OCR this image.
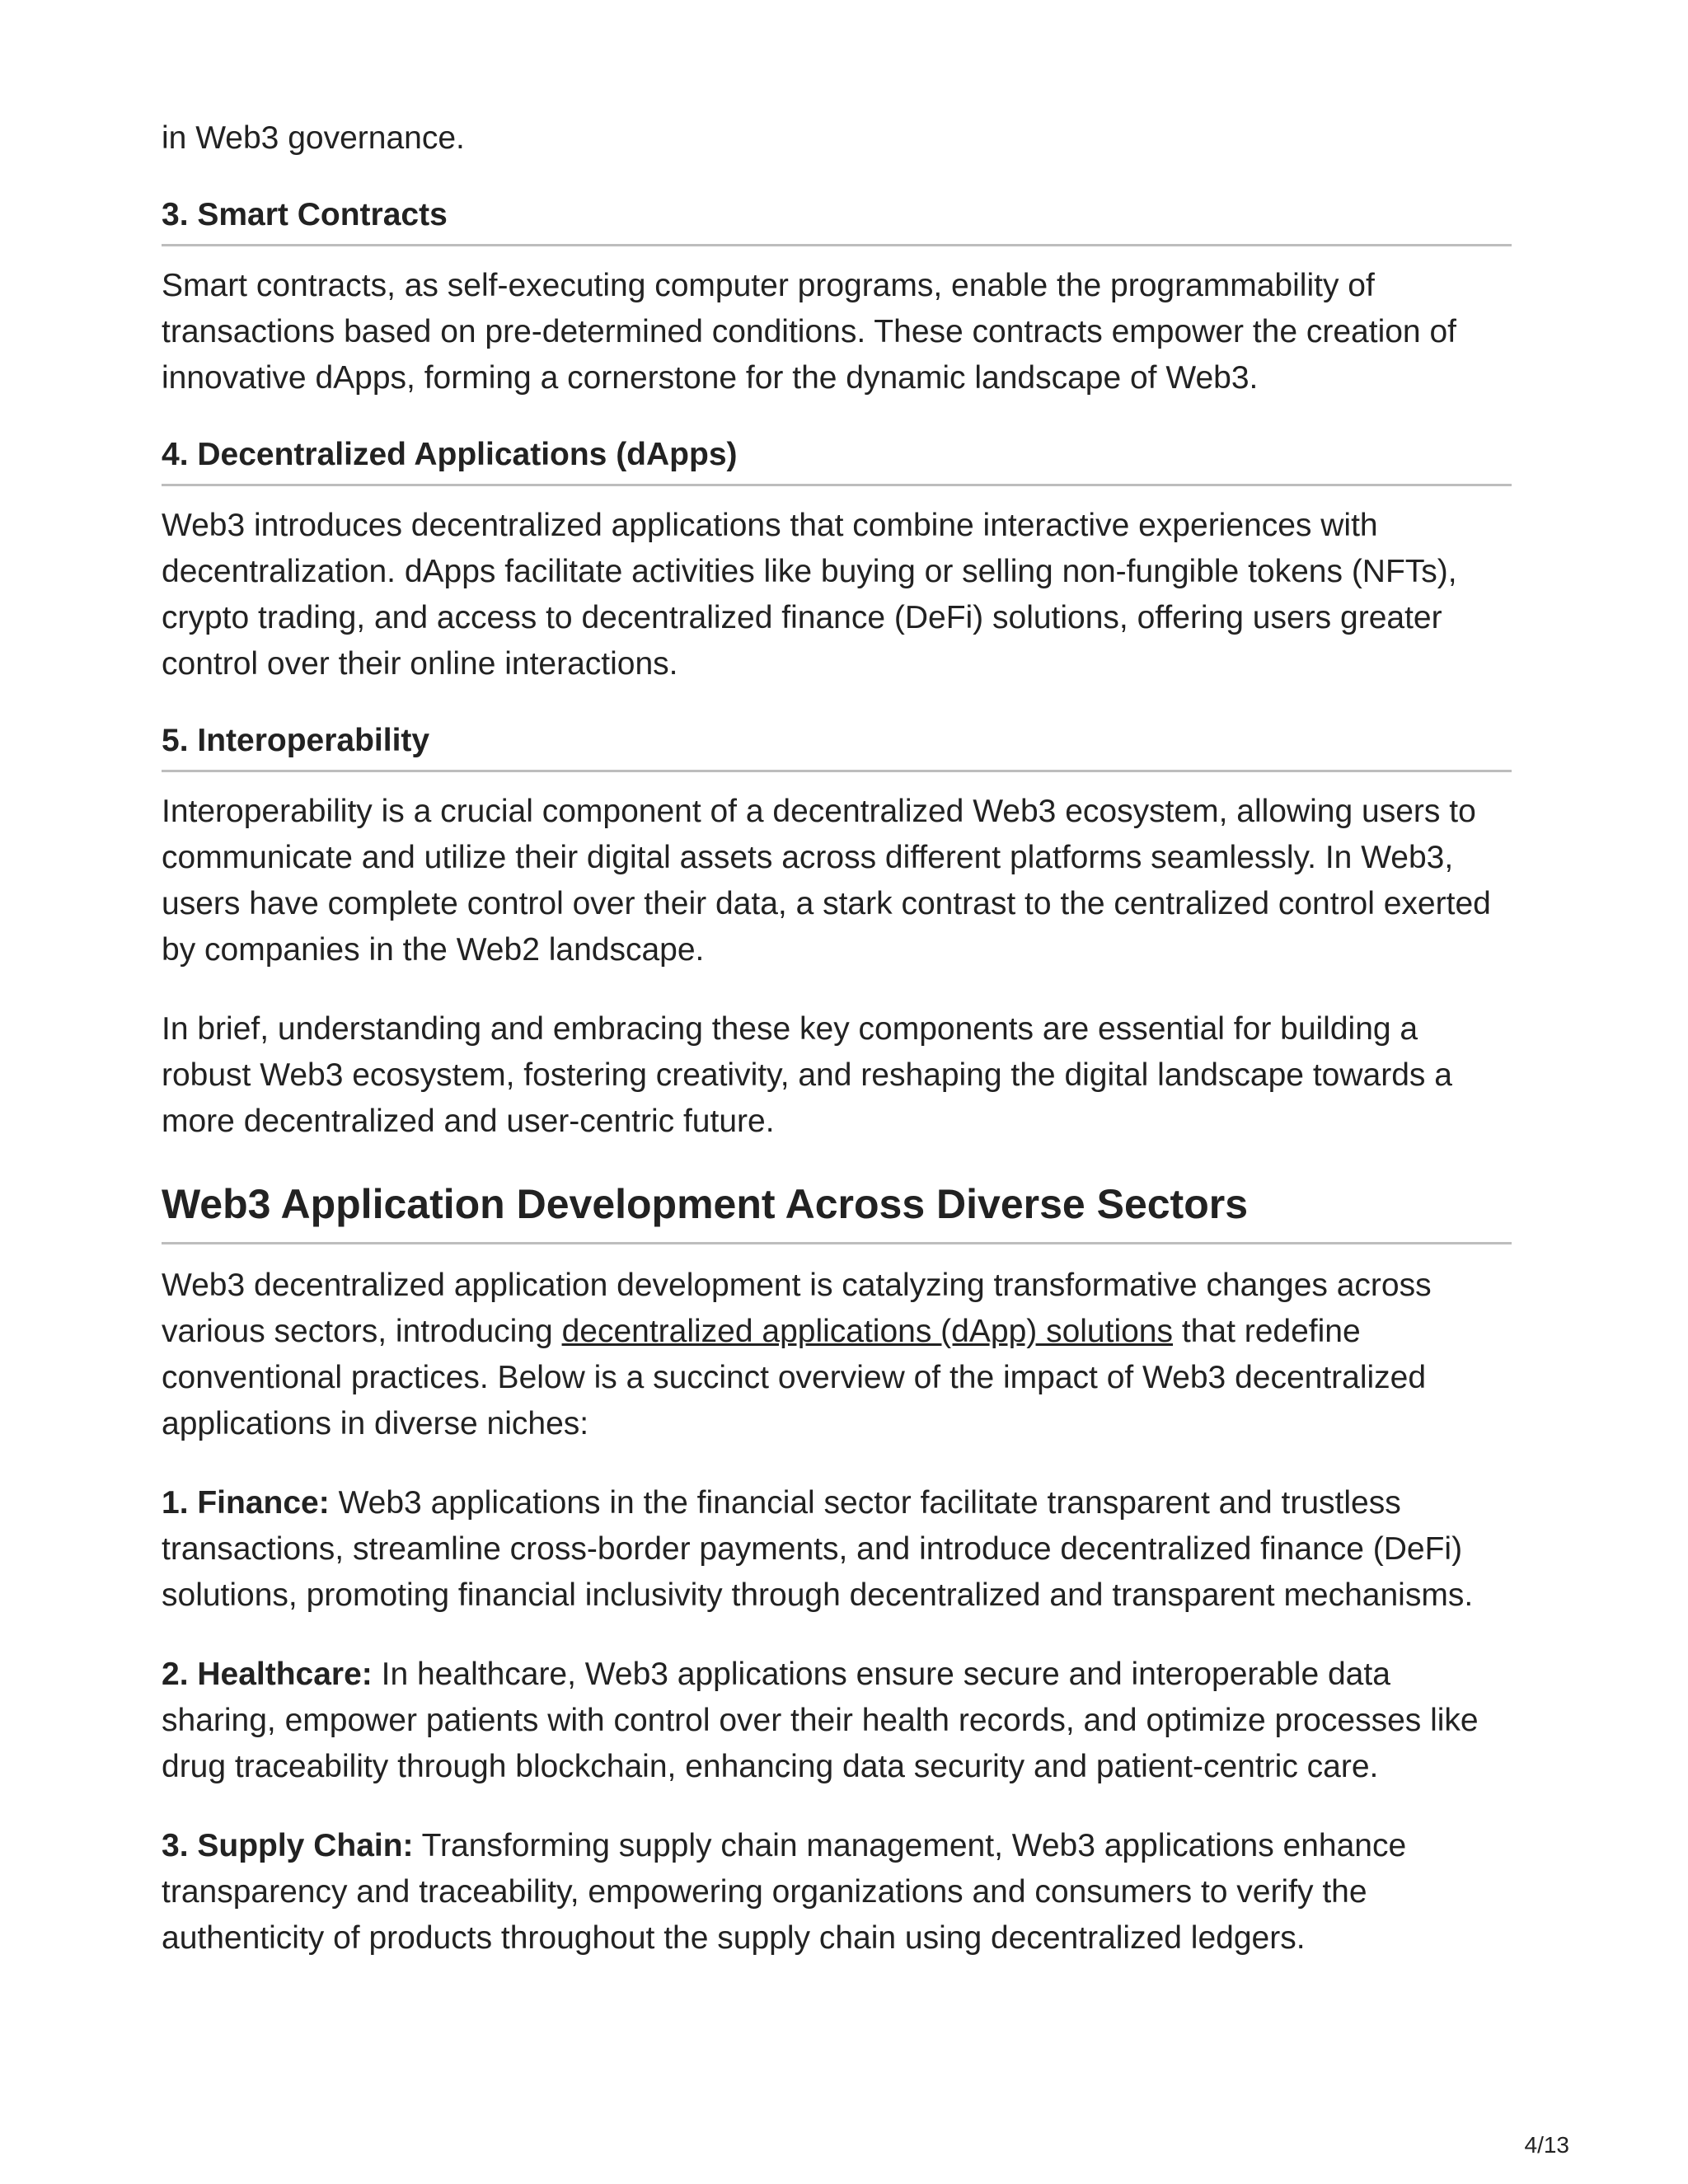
in Web3 governance.

3. Smart Contracts

Smart contracts, as self-executing computer programs, enable the programmability of transactions based on pre-determined conditions. These contracts empower the creation of innovative dApps, forming a cornerstone for the dynamic landscape of Web3.

4. Decentralized Applications (dApps)

Web3 introduces decentralized applications that combine interactive experiences with decentralization. dApps facilitate activities like buying or selling non-fungible tokens (NFTs), crypto trading, and access to decentralized finance (DeFi) solutions, offering users greater control over their online interactions.

5. Interoperability

Interoperability is a crucial component of a decentralized Web3 ecosystem, allowing users to communicate and utilize their digital assets across different platforms seamlessly. In Web3, users have complete control over their data, a stark contrast to the centralized control exerted by companies in the Web2 landscape.

In brief, understanding and embracing these key components are essential for building a robust Web3 ecosystem, fostering creativity, and reshaping the digital landscape towards a more decentralized and user-centric future.

Web3 Application Development Across Diverse Sectors

Web3 decentralized application development is catalyzing transformative changes across various sectors, introducing decentralized applications (dApp) solutions that redefine conventional practices. Below is a succinct overview of the impact of Web3 decentralized applications in diverse niches:

1. Finance: Web3 applications in the financial sector facilitate transparent and trustless transactions, streamline cross-border payments, and introduce decentralized finance (DeFi) solutions, promoting financial inclusivity through decentralized and transparent mechanisms.

2. Healthcare: In healthcare, Web3 applications ensure secure and interoperable data sharing, empower patients with control over their health records, and optimize processes like drug traceability through blockchain, enhancing data security and patient-centric care.

3. Supply Chain: Transforming supply chain management, Web3 applications enhance transparency and traceability, empowering organizations and consumers to verify the authenticity of products throughout the supply chain using decentralized ledgers.

4/13
